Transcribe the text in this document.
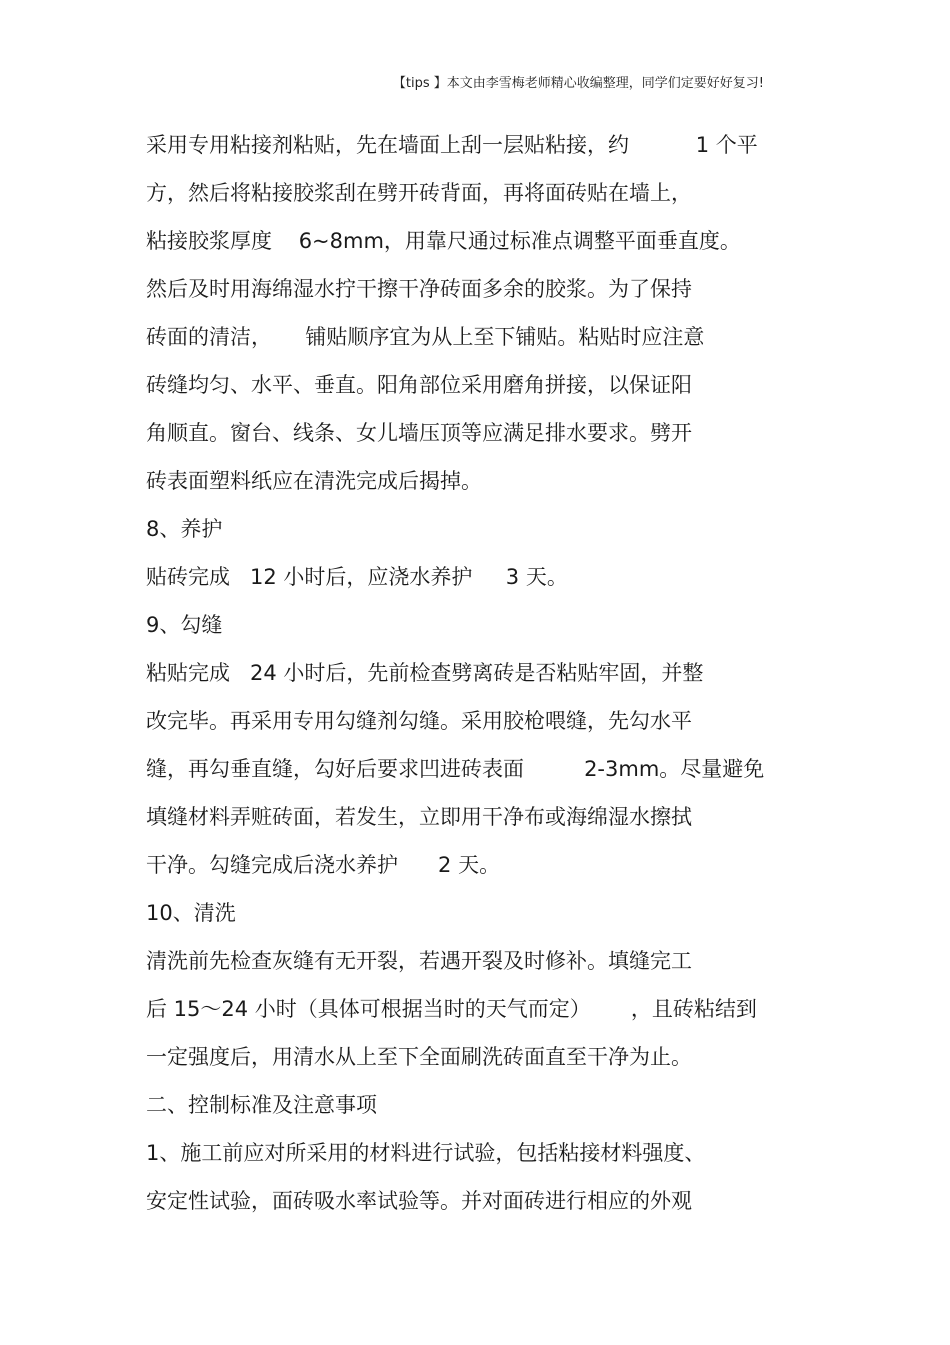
【tips 】本文由李雪梅老师精心收编整理，同学们定要好好复习!
采用专用粘接剂粘贴，先在墙面上刮一层贴粘接，约          1 个平
方，然后将粘接胶浆刮在劈开砖背面，再将面砖贴在墙上，
粘接胶浆厚度    6~8mm，用靠尺通过标准点调整平面垂直度。
然后及时用海绵湿水拧干擦干净砖面多余的胶浆。为了保持
砖面的清洁，     铺贴顺序宜为从上至下铺贴。粘贴时应注意
砖缝均匀、水平、垂直。阳角部位采用磨角拼接，以保证阳
角顺直。窗台、线条、女儿墙压顶等应满足排水要求。劈开
砖表面塑料纸应在清洗完成后揭掉。
8、养护
贴砖完成   12 小时后，应浇水养护     3 天。
9、勾缝
粘贴完成   24 小时后，先前检查劈离砖是否粘贴牢固，并整
改完毕。再采用专用勾缝剂勾缝。采用胶枪喂缝，先勾水平
缝，再勾垂直缝，勾好后要求凹进砖表面         2-3mm。尽量避免
填缝材料弄赃砖面，若发生，立即用干净布或海绵湿水擦拭
干净。勾缝完成后浇水养护      2 天。
10、清洗
清洗前先检查灰缝有无开裂，若遇开裂及时修补。填缝完工
后 15～24 小时（具体可根据当时的天气而定）      ，且砖粘结到
一定强度后，用清水从上至下全面刷洗砖面直至干净为止。
二、控制标准及注意事项
1、施工前应对所采用的材料进行试验，包括粘接材料强度、
安定性试验，面砖吸水率试验等。并对面砖进行相应的外观
